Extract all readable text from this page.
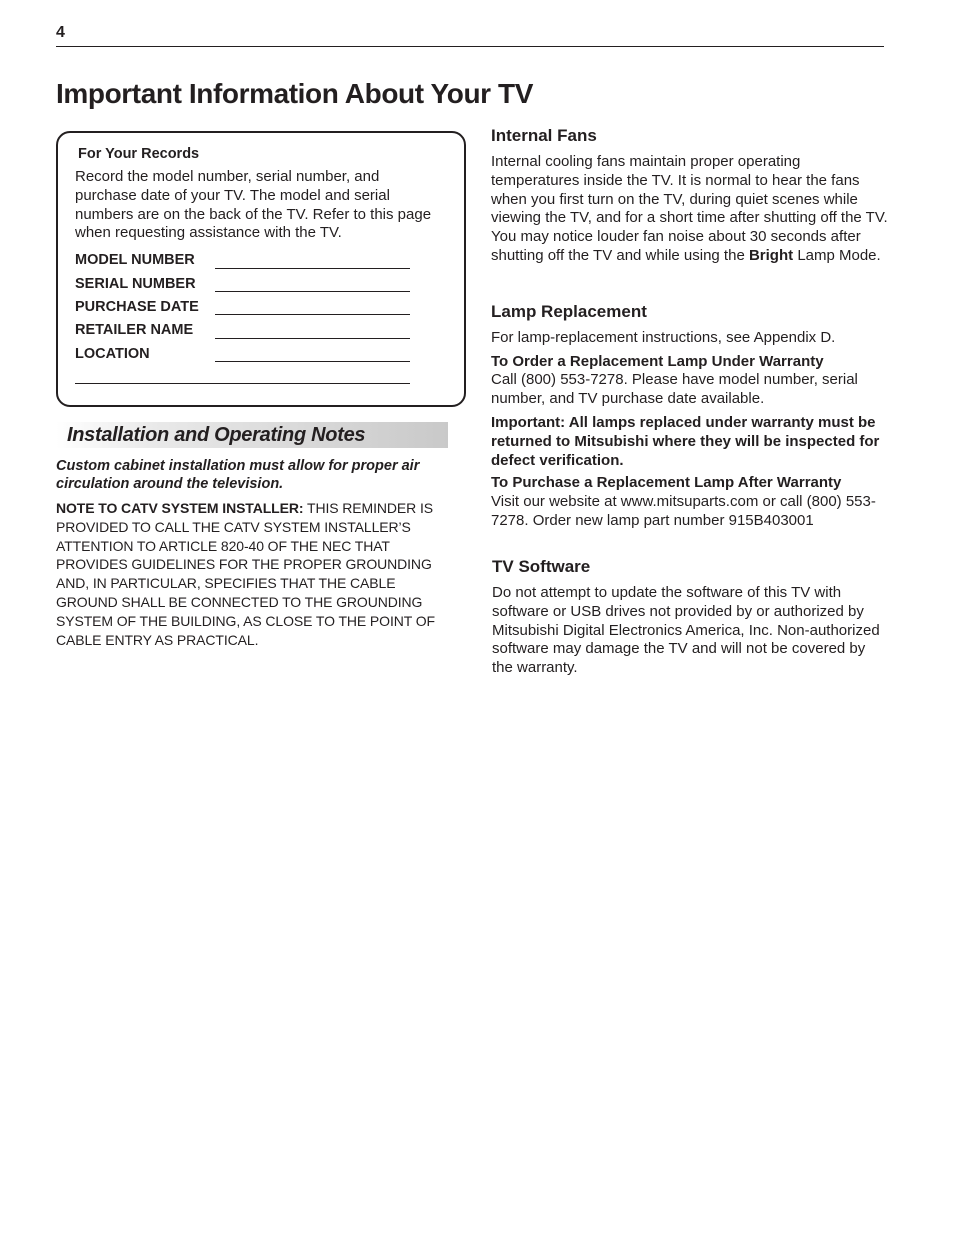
4
Important Information About Your TV
For Your Records
Record the model number, serial number, and purchase date of your TV. The model and serial numbers are on the back of the TV. Refer to this page when requesting assistance with the TV.
MODEL NUMBER
SERIAL NUMBER
PURCHASE DATE
RETAILER NAME
LOCATION
Installation and Operating Notes
Custom cabinet installation must allow for proper air circulation around the television.
NOTE TO CATV SYSTEM INSTALLER: THIS REMINDER IS PROVIDED TO CALL THE CATV SYSTEM INSTALLER’S ATTENTION TO ARTICLE 820-40 OF THE NEC THAT PROVIDES GUIDELINES FOR THE PROPER GROUNDING AND, IN PARTICULAR, SPECIFIES THAT THE CABLE GROUND SHALL BE CONNECTED TO THE GROUNDING SYSTEM OF THE BUILDING, AS CLOSE TO THE POINT OF CABLE ENTRY AS PRACTICAL.
Internal Fans
Internal cooling fans maintain proper operating temperatures inside the TV. It is normal to hear the fans when you first turn on the TV, during quiet scenes while viewing the TV, and for a short time after shutting off the TV. You may notice louder fan noise about 30 seconds after shutting off the TV and while using the Bright Lamp Mode.
Lamp Replacement
For lamp-replacement instructions, see Appendix D.
To Order a Replacement Lamp Under Warranty
Call (800) 553-7278. Please have model number, serial number, and TV purchase date available.
Important: All lamps replaced under warranty must be returned to Mitsubishi where they will be inspected for defect verification.
To Purchase a Replacement Lamp After Warranty
Visit our website at www.mitsuparts.com or call (800) 553-7278. Order new lamp part number 915B403001
TV Software
Do not attempt to update the software of this TV with software or USB drives not provided by or authorized by Mitsubishi Digital Electronics America, Inc. Non-authorized software may damage the TV and will not be covered by the warranty.
